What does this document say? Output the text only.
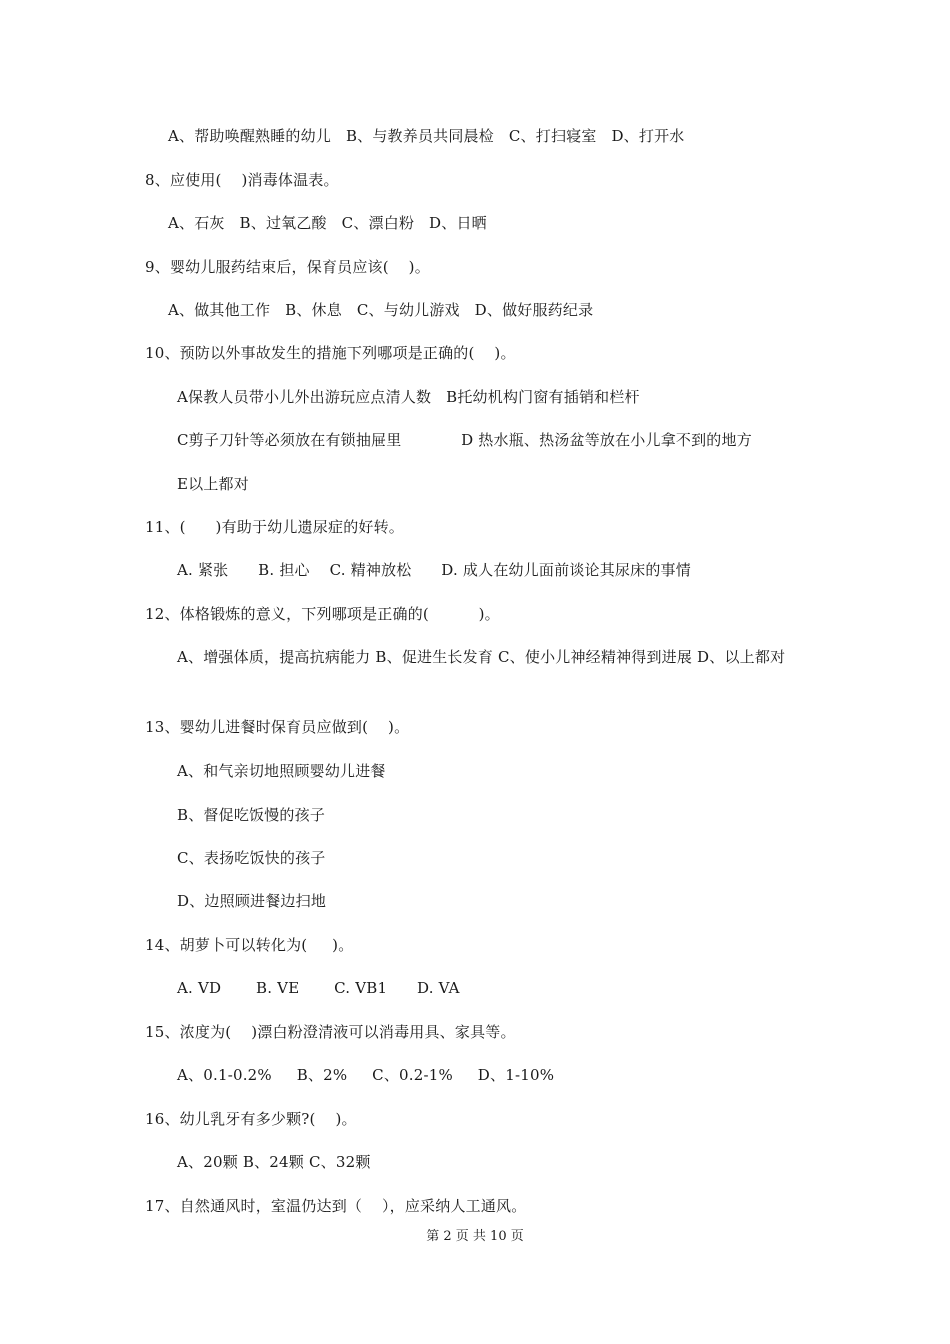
A、帮助唤醒熟睡的幼儿   B、与教养员共同晨检   C、打扫寝室   D、打开水
8、应使用(    )消毒体温表。
A、石灰   B、过氧乙酸   C、漂白粉   D、日晒
9、婴幼儿服药结束后，保育员应该(    )。
A、做其他工作   B、休息   C、与幼儿游戏   D、做好服药纪录
10、预防以外事故发生的措施下列哪项是正确的(    )。
A保教人员带小儿外出游玩应点清人数   B托幼机构门窗有插销和栏杆
C剪子刀针等必须放在有锁抽屉里            D 热水瓶、热汤盆等放在小儿拿不到的地方
E以上都对
11、(      )有助于幼儿遗尿症的好转。
A. 紧张      B. 担心    C. 精神放松      D. 成人在幼儿面前谈论其尿床的事情
12、体格锻炼的意义，下列哪项是正确的(          )。
A、增强体质，提高抗病能力 B、促进生长发育 C、使小儿神经精神得到进展 D、以上都对
13、婴幼儿进餐时保育员应做到(    )。
A、和气亲切地照顾婴幼儿进餐
B、督促吃饭慢的孩子
C、表扬吃饭快的孩子
D、边照顾进餐边扫地
14、胡萝卜可以转化为(     )。
A. VD       B. VE       C. VB1      D. VA
15、浓度为(    )漂白粉澄清液可以消毒用具、家具等。
A、0.1-0.2%     B、2%     C、0.2-1%     D、1-10%
16、幼儿乳牙有多少颗?(    )。
A、20颗 B、24颗 C、32颗
17、自然通风时，室温仍达到（    ），应采纳人工通风。
第 2 页 共 10 页
